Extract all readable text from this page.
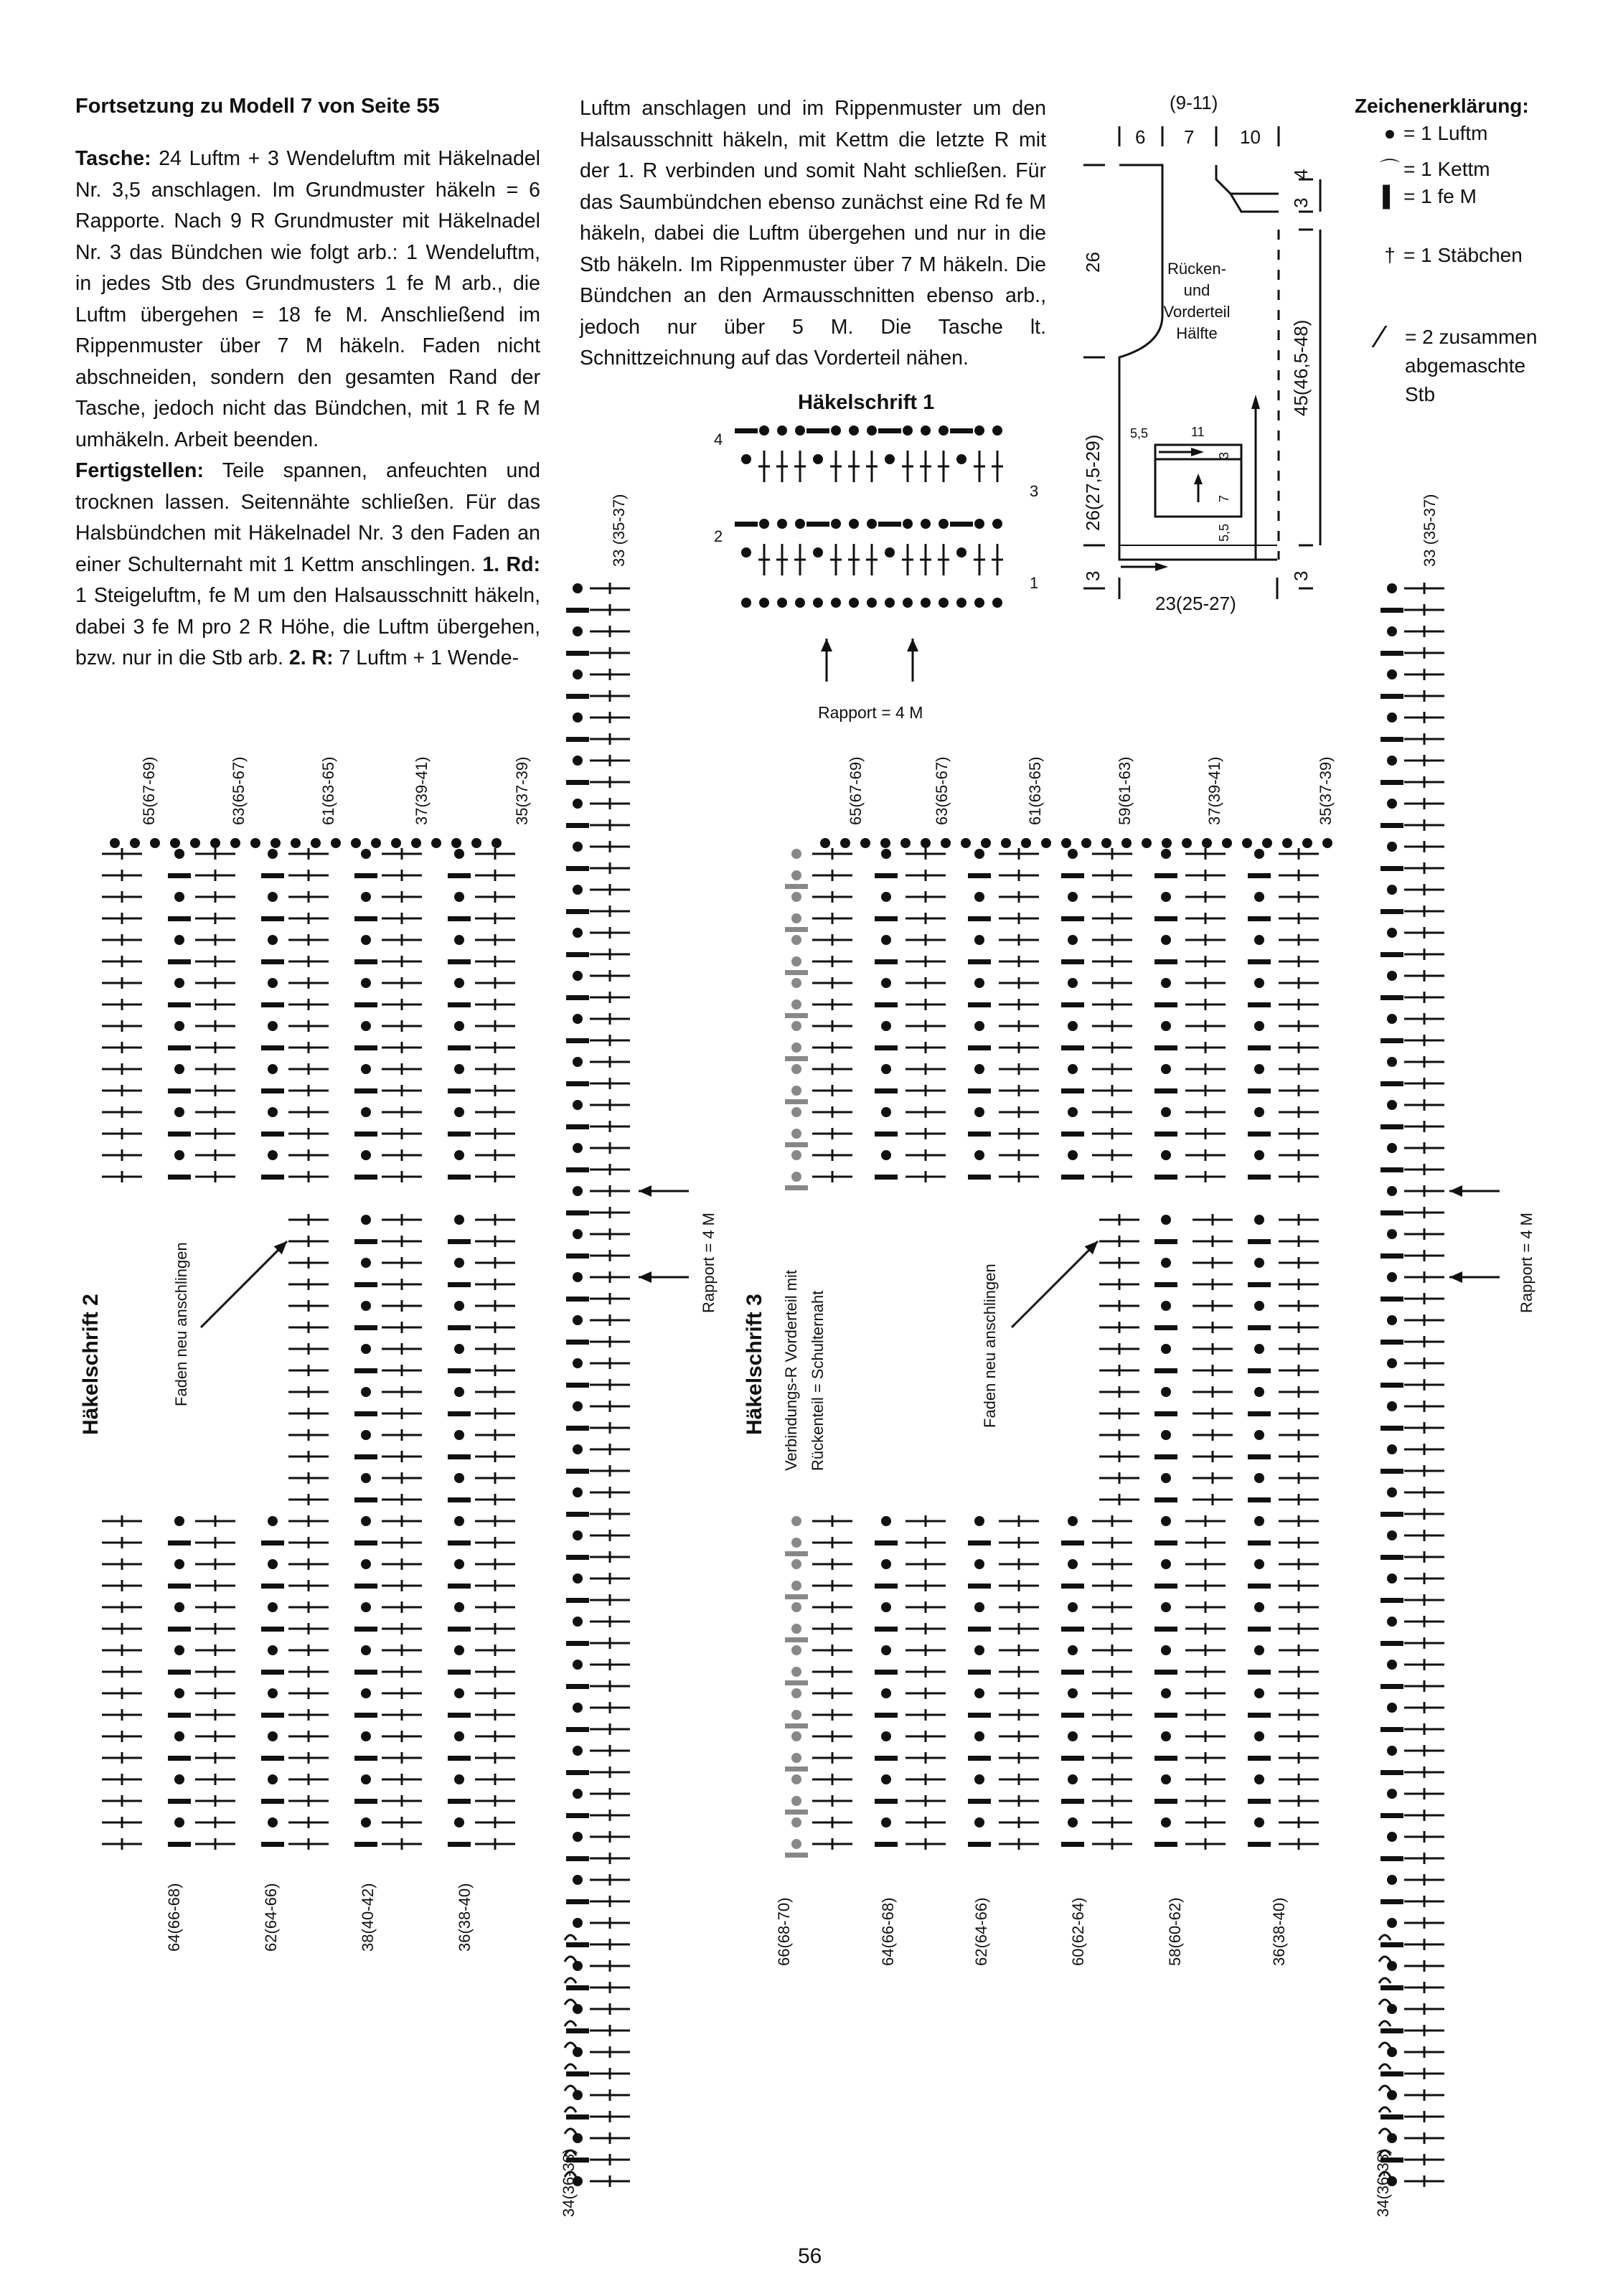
Fortsetzung zu Modell 7 von Seite 55

Tasche: 24 Luftm + 3 Wendeluftm mit Häkelnadel Nr. 3,5 anschlagen. Im Grundmuster häkeln = 6 Rapporte. Nach 9 R Grundmuster mit Häkelnadel Nr. 3 das Bündchen wie folgt arb.: 1 Wendeluftm, in jedes Stb des Grundmusters 1 fe M arb., die Luftm übergehen = 18 fe M. Anschließend im Rippenmuster über 7 M häkeln. Faden nicht abschneiden, sondern den gesamten Rand der Tasche, jedoch nicht das Bündchen, mit 1 R fe M umhäkeln. Arbeit beenden.

Fertigstellen: Teile spannen, anfeuchten und trocknen lassen. Seitennähte schließen. Für das Halsbündchen mit Häkelnadel Nr. 3 den Faden an einer Schulternaht mit 1 Kettm anschlingen. 1. Rd: 1 Steigeluftm, fe M um den Halsausschnitt häkeln, dabei 3 fe M pro 2 R Höhe, die Luftm übergehen, bzw. nur in die Stb arb. 2. R: 7 Luftm + 1 Wende-

Luftm anschlagen und im Rippenmuster um den Halsausschnitt häkeln, mit Kettm die letzte R mit der 1. R verbinden und somit Naht schließen. Für das Saumbündchen ebenso zunächst eine Rd fe M häkeln, dabei die Luftm übergehen und nur in die Stb häkeln. Im Rippenmuster über 7 M häkeln. Die Bündchen an den Armausschnitten ebenso arb., jedoch nur über 5 M. Die Tasche lt. Schnittzeichnung auf das Vorderteil nähen.

(9-11)
6 7 10
23(25-27)
Rücken-
und
Vorderteil
Hälfte
11
5,5
26
26(27,5-29)
3
3
4
45(46,5-48)
3
3
7
5,5
Zeichenerklärung:
● = 1 Luftm
⌒ = 1 Kettm
▌ = 1 fe M
† = 1 Stäbchen
⁄ = 2 zusammen
abgemaschte
Stb
Häkelschrift 1
4
2
3
1
Rapport = 4 M
Häkelschrift 2	Faden neu anschlingen	Rapport = 4 M
65(67-69)	63(65-67)	61(63-65)	37(39-41)	35(37-39)
33 (35-37)
64(66-68)	62(64-66)	38(40-42)	36(38-40)
34(36-38)
Häkelschrift 3 Verbindungs-R Vorderteil mit Rückenteil = Schulternaht	Faden neu anschlingen
Rapport = 4 M
65(67-69)	63(65-67)	61(63-65)	59(61-63)	37(39-41)	35(37-39)
33 (35-37)
66(68-70)	64(66-68)	62(64-66)	60(62-64)	58(60-62)	36(38-40)
34(36-38)
56
